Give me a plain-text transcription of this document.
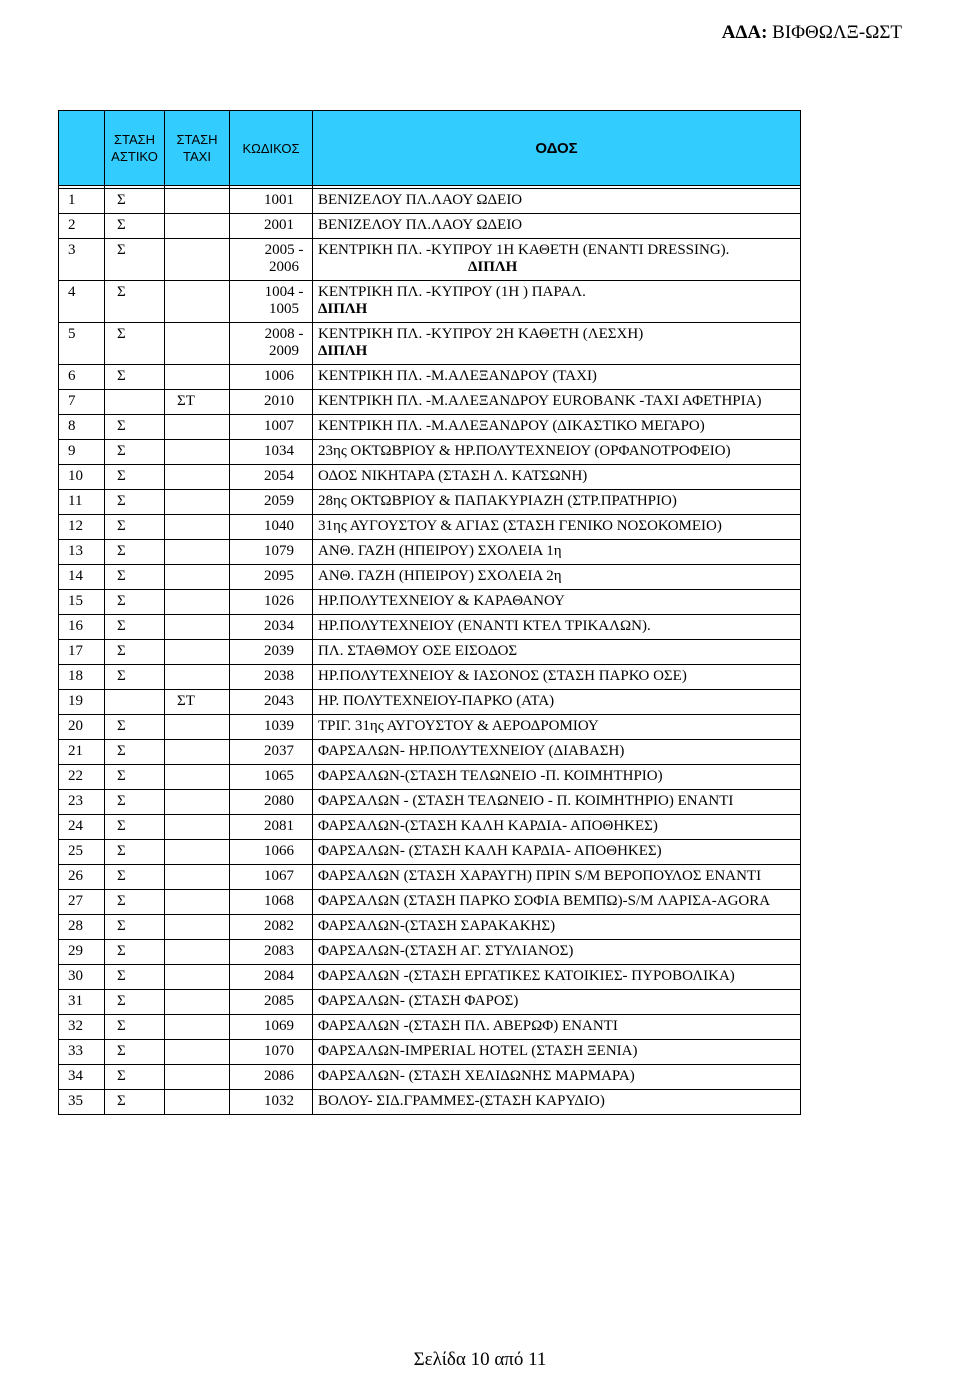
ΑΔΑ: ΒΙΦΘΩΛΞ-ΩΣΤ
	ΣΤΑΣΗ ΑΣΤΙΚΟ	ΣΤΑΣΗ ΤΑΧΙ	ΚΩΔΙΚΟΣ	ΟΔΟΣ

1	Σ		1001	ΒΕΝΙΖΕΛΟΥ ΠΛ.ΛΑΟΥ ΩΔΕΙΟ
2	Σ		2001	ΒΕΝΙΖΕΛΟΥ ΠΛ.ΛΑΟΥ ΩΔΕΙΟ
3	Σ		2005 - 2006	ΚΕΝΤΡΙΚΗ ΠΛ. -ΚΥΠΡΟΥ 1Η ΚΑΘΕΤΗ (ΕΝΑΝΤΙ DRESSING). ΔΙΠΛΗ
4	Σ		1004 - 1005	ΚΕΝΤΡΙΚΗ ΠΛ. -ΚΥΠΡΟΥ (1Η ) ΠΑΡΑΛ.
ΔΙΠΛΗ
5	Σ		2008 - 2009	ΚΕΝΤΡΙΚΗ ΠΛ. -ΚΥΠΡΟΥ 2Η ΚΑΘΕΤΗ (ΛΕΣΧΗ)
ΔΙΠΛΗ
6	Σ		1006	ΚΕΝΤΡΙΚΗ ΠΛ. -Μ.ΑΛΕΞΑΝΔΡΟΥ (ΤΑΧΙ)
7		ΣΤ	2010	ΚΕΝΤΡΙΚΗ ΠΛ. -Μ.ΑΛΕΞΑΝΔΡΟΥ EUROBANK -ΤΑΧΙ ΑΦΕΤΗΡΙΑ)
8	Σ		1007	ΚΕΝΤΡΙΚΗ ΠΛ. -Μ.ΑΛΕΞΑΝΔΡΟΥ (ΔΙΚΑΣΤΙΚΟ ΜΕΓΑΡΟ)
9	Σ		1034	23ης ΟΚΤΩΒΡΙΟΥ & ΗΡ.ΠΟΛΥΤΕΧΝΕΙΟΥ (ΟΡΦΑΝΟΤΡΟΦΕΙΟ)
10	Σ		2054	ΟΔΟΣ ΝΙΚΗΤΑΡΑ (ΣΤΑΣΗ Λ. ΚΑΤΣΩΝΗ)
11	Σ		2059	28ης ΟΚΤΩΒΡΙΟΥ & ΠΑΠΑΚΥΡΙΑΖΗ (ΣΤΡ.ΠΡΑΤΗΡΙΟ)
12	Σ		1040	31ης ΑΥΓΟΥΣΤΟΥ & ΑΓΙΑΣ (ΣΤΑΣΗ ΓΕΝΙΚΟ ΝΟΣΟΚΟΜΕΙΟ)
13	Σ		1079	ΑΝΘ. ΓΑΖΗ (ΗΠΕΙΡΟΥ) ΣΧΟΛΕΙΑ 1η
14	Σ		2095	ΑΝΘ. ΓΑΖΗ (ΗΠΕΙΡΟΥ) ΣΧΟΛΕΙΑ 2η
15	Σ		1026	ΗΡ.ΠΟΛΥΤΕΧΝΕΙΟΥ & ΚΑΡΑΘΑΝΟΥ
16	Σ		2034	ΗΡ.ΠΟΛΥΤΕΧΝΕΙΟΥ (ΕΝΑΝΤΙ ΚΤΕΛ ΤΡΙΚΑΛΩΝ).
17	Σ		2039	ΠΛ. ΣΤΑΘΜΟΥ ΟΣΕ ΕΙΣΟΔΟΣ
18	Σ		2038	ΗΡ.ΠΟΛΥΤΕΧΝΕΙΟΥ & ΙΑΣΟΝΟΣ (ΣΤΑΣΗ ΠΑΡΚΟ ΟΣΕ)
19		ΣΤ	2043	ΗΡ. ΠΟΛΥΤΕΧΝΕΙΟΥ-ΠΑΡΚΟ (ΑΤΑ)
20	Σ		1039	ΤΡΙΓ. 31ης ΑΥΓΟΥΣΤΟΥ & ΑΕΡΟΔΡΟΜΙΟΥ
21	Σ		2037	ΦΑΡΣΑΛΩΝ- ΗΡ.ΠΟΛΥΤΕΧΝΕΙΟΥ (ΔΙΑΒΑΣΗ)
22	Σ		1065	ΦΑΡΣΑΛΩΝ-(ΣΤΑΣΗ ΤΕΛΩΝΕΙΟ -Π. ΚΟΙΜΗΤΗΡΙΟ)
23	Σ		2080	ΦΑΡΣΑΛΩΝ - (ΣΤΑΣΗ ΤΕΛΩΝΕΙΟ - Π. ΚΟΙΜΗΤΗΡΙΟ) ΕΝΑΝΤΙ
24	Σ		2081	ΦΑΡΣΑΛΩΝ-(ΣΤΑΣΗ ΚΑΛΗ ΚΑΡΔΙΑ- ΑΠΟΘΗΚΕΣ)
25	Σ		1066	ΦΑΡΣΑΛΩΝ- (ΣΤΑΣΗ ΚΑΛΗ ΚΑΡΔΙΑ- ΑΠΟΘΗΚΕΣ)
26	Σ		1067	ΦΑΡΣΑΛΩΝ (ΣΤΑΣΗ ΧΑΡΑΥΓΗ) ΠΡΙΝ S/M ΒΕΡΟΠΟΥΛΟΣ ΕΝΑΝΤΙ
27	Σ		1068	ΦΑΡΣΑΛΩΝ (ΣΤΑΣΗ ΠΑΡΚΟ ΣΟΦΙΑ ΒΕΜΠΩ)-S/M ΛΑΡΙΣΑ-AGORA
28	Σ		2082	ΦΑΡΣΑΛΩΝ-(ΣΤΑΣΗ ΣΑΡΑΚΑΚΗΣ)
29	Σ		2083	ΦΑΡΣΑΛΩΝ-(ΣΤΑΣΗ ΑΓ. ΣΤΥΛΙΑΝΟΣ)
30	Σ		2084	ΦΑΡΣΑΛΩΝ -(ΣΤΑΣΗ ΕΡΓΑΤΙΚΕΣ ΚΑΤΟΙΚΙΕΣ- ΠΥΡΟΒΟΛΙΚΑ)
31	Σ		2085	ΦΑΡΣΑΛΩΝ- (ΣΤΑΣΗ ΦΑΡΟΣ)
32	Σ		1069	ΦΑΡΣΑΛΩΝ -(ΣΤΑΣΗ ΠΛ. ΑΒΕΡΩΦ) ΕΝΑΝΤΙ
33	Σ		1070	ΦΑΡΣΑΛΩΝ-IMPERIAL HOTEL (ΣΤΑΣΗ ΞΕΝΙΑ)
34	Σ		2086	ΦΑΡΣΑΛΩΝ- (ΣΤΑΣΗ ΧΕΛΙΔΩΝΗΣ ΜΑΡΜΑΡΑ)
35	Σ		1032	ΒΟΛΟΥ- ΣΙΔ.ΓΡΑΜΜΕΣ-(ΣΤΑΣΗ ΚΑΡΥΔΙΟ)
Σελίδα 10 από 11
